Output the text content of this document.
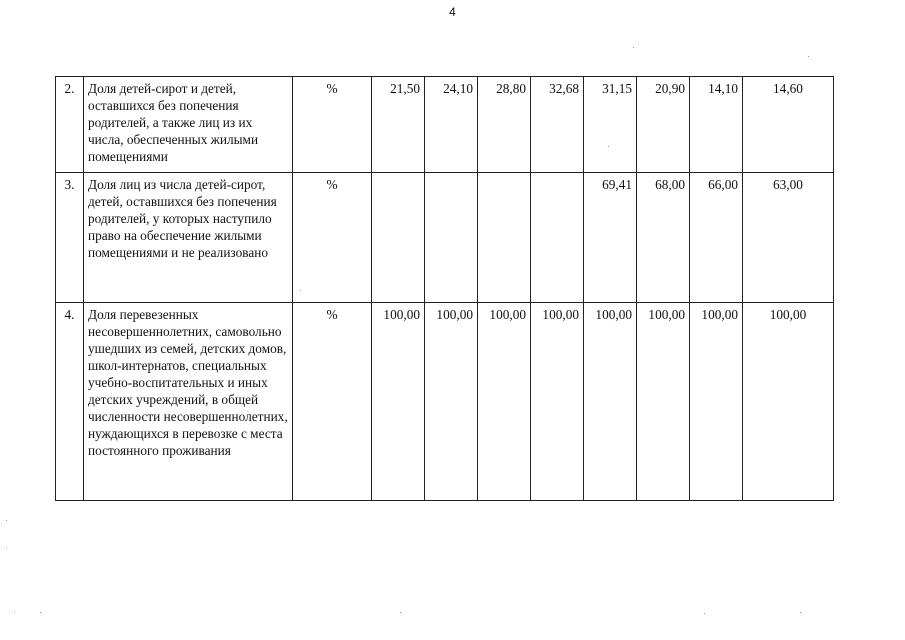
4
2.	Доля детей-сирот и детей, оставшихся без попечения родителей, а также лиц из их числа, обеспеченных жилыми помещениями	%	21,50	24,10	28,80	32,68	31,15	20,90	14,10	14,60
3.	Доля лиц из числа детей-сирот, детей, оставшихся без попечения родителей, у которых наступило право на обеспечение жилыми помещениями и не реализовано	%					69,41	68,00	66,00	63,00
4.	Доля перевезенных несовершеннолетних, самовольно ушедших из семей, детских домов, школ-интернатов, специальных учебно-воспитательных и иных детских учреждений, в общей численности несовершеннолетних, нуждающихся в перевозке с места постоянного проживания	%	100,00	100,00	100,00	100,00	100,00	100,00	100,00	100,00
